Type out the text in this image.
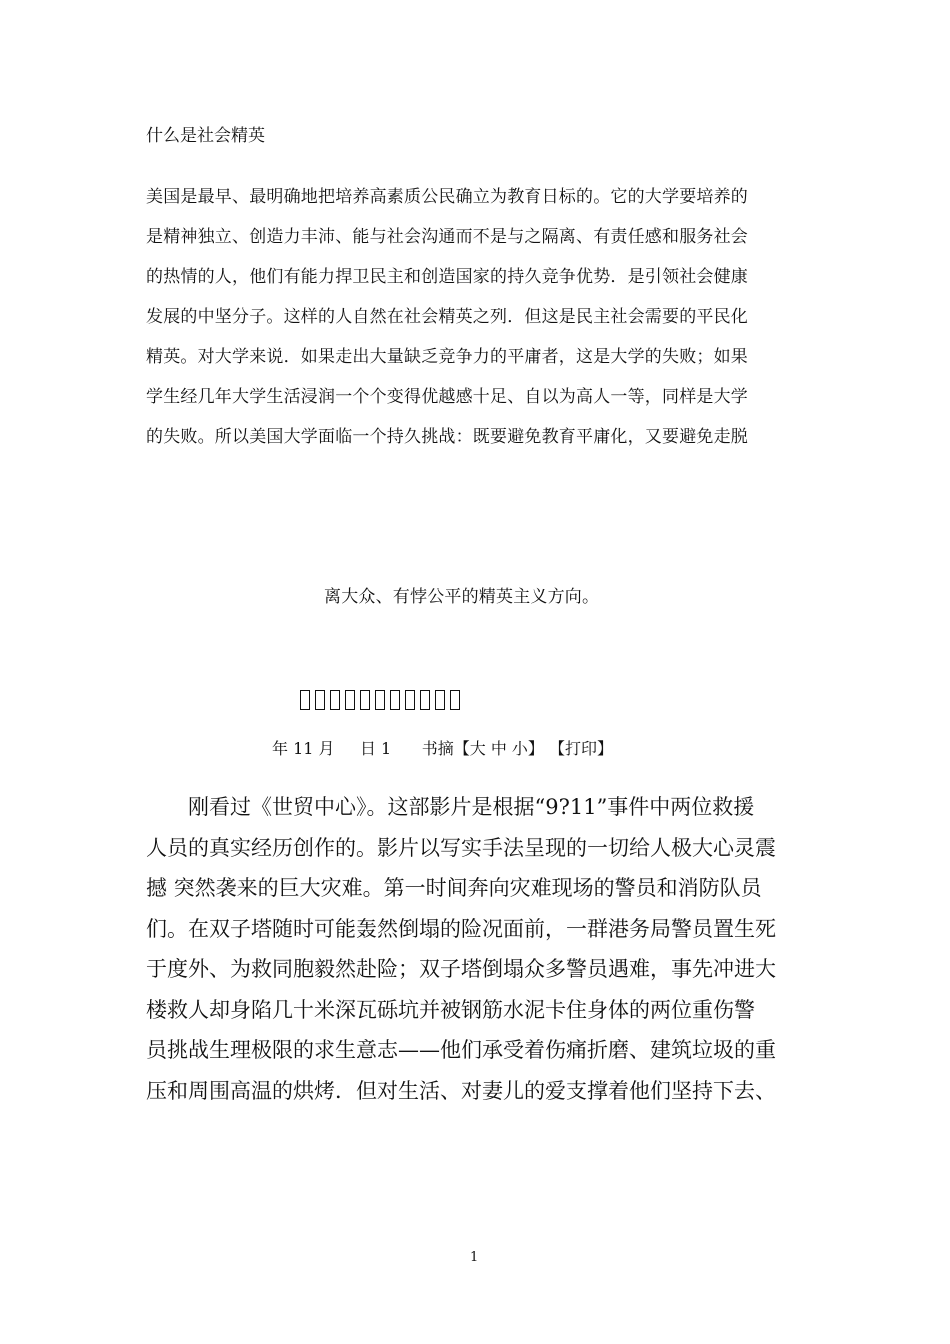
什么是社会精英
美国是最早、最明确地把培养高素质公民确立为教育日标的。它的大学要培养的
是精神独立、创造力丰沛、能与社会沟通而不是与之隔离、有责任感和服务社会
的热情的人，他们有能力捍卫民主和创造国家的持久竞争优势．是引领社会健康
发展的中坚分子。这样的人自然在社会精英之列．但这是民主社会需要的平民化
精英。对大学来说．如果走出大量缺乏竞争力的平庸者，这是大学的失败；如果
学生经几年大学生活浸润一个个变得优越感十足、自以为高人一等，同样是大学
的失败。所以美国大学面临一个持久挑战：既要避免教育平庸化，又要避免走脱
离大众、有悖公平的精英主义方向。
年 11 月     日 1      书摘【大 中 小】 【打印】
刚看过《世贸中心》。这部影片是根据“9?11”事件中两位救援
人员的真实经历创作的。影片以写实手法呈现的一切给人极大心灵震
撼 突然袭来的巨大灾难。第一时间奔向灾难现场的警员和消防队员
们。在双子塔随时可能轰然倒塌的险况面前，一群港务局警员置生死
于度外、为救同胞毅然赴险；双子塔倒塌众多警员遇难，事先冲进大
楼救人却身陷几十米深瓦砾坑并被钢筋水泥卡住身体的两位重伤警
员挑战生理极限的求生意志——他们承受着伤痛折磨、建筑垃圾的重
压和周围高温的烘烤．但对生活、对妻儿的爱支撑着他们坚持下去、
1
